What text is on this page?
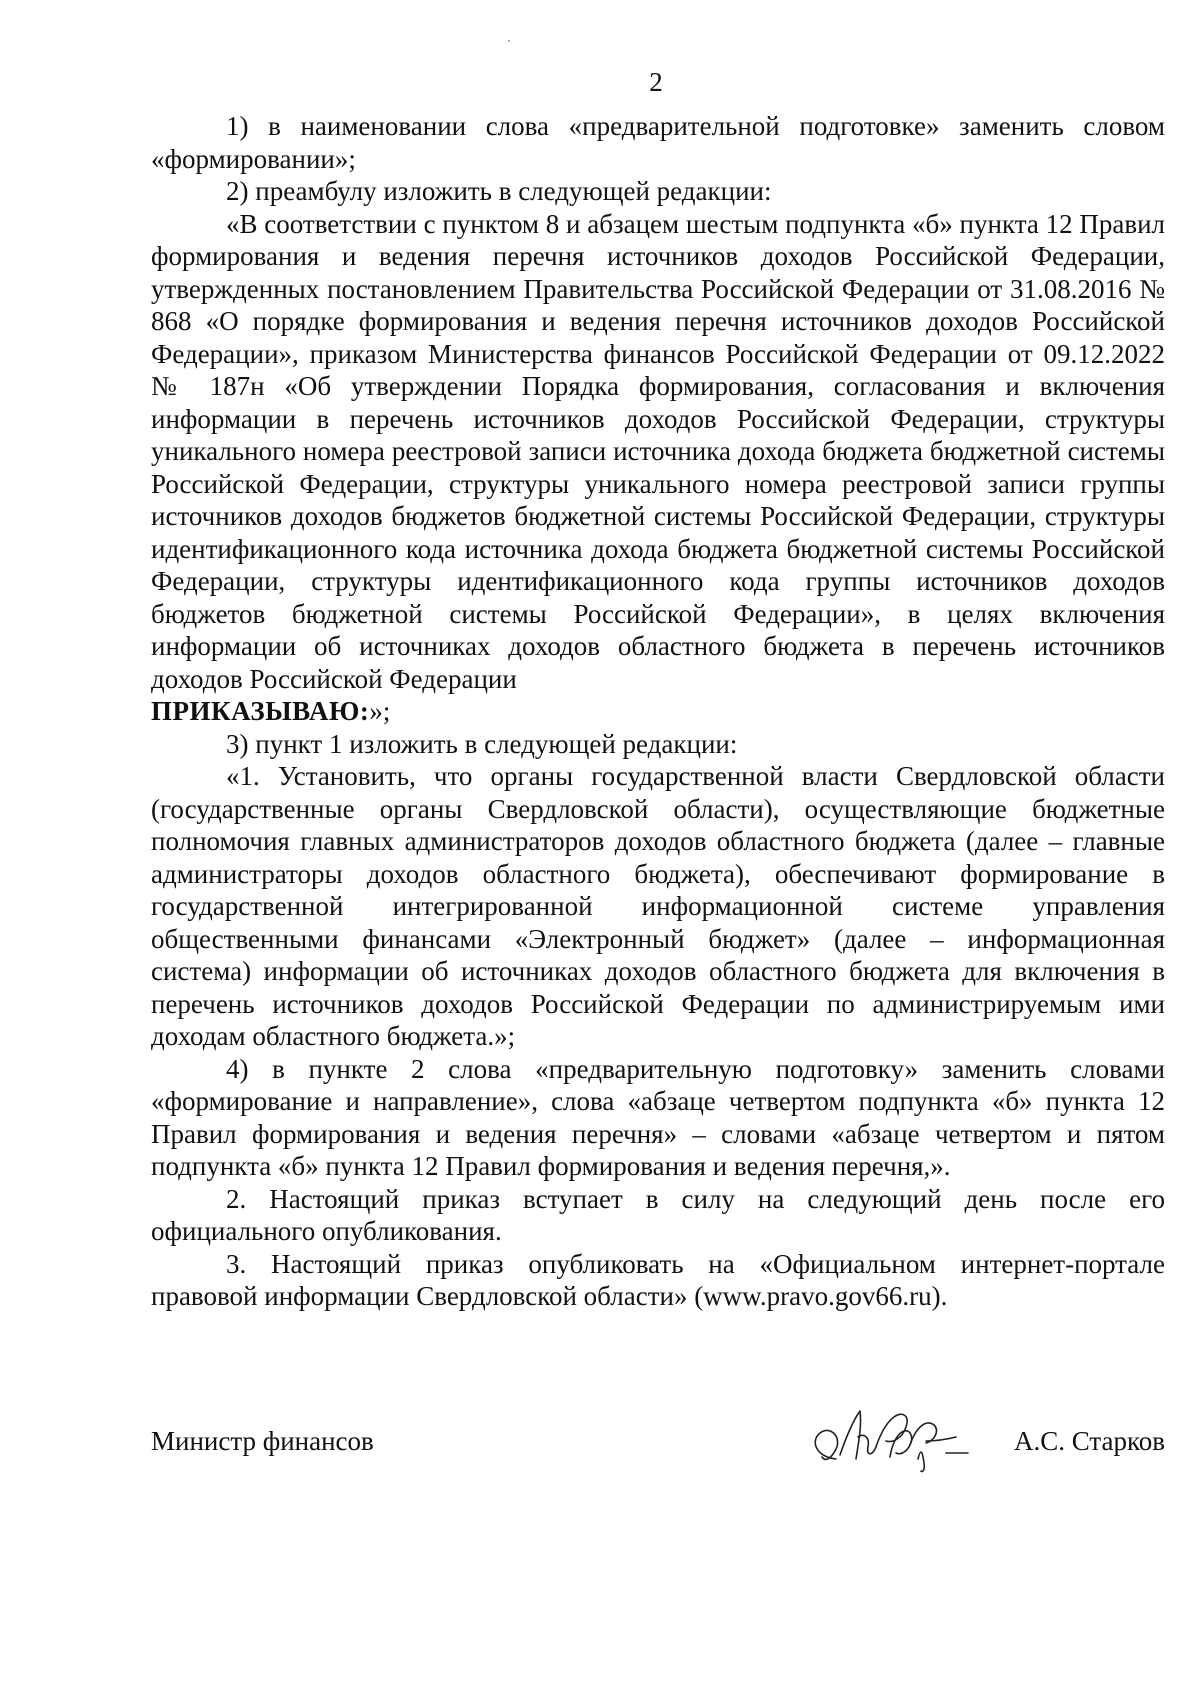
2

1) в наименовании слова «предварительной подготовке» заменить словом «формировании»;

2) преамбулу изложить в следующей редакции:

«В соответствии с пунктом 8 и абзацем шестым подпункта «б» пункта 12 Правил формирования и ведения перечня источников доходов Российской Федерации, утвержденных постановлением Правительства Российской Федерации от 31.08.2016 № 868 «О порядке формирования и ведения перечня источников доходов Российской Федерации», приказом Министерства финансов Российской Федерации от 09.12.2022 № 187н «Об утверждении Порядка формирования, согласования и включения информации в перечень источников доходов Российской Федерации, структуры уникального номера реестровой записи источника дохода бюджета бюджетной системы Российской Федерации, структуры уникального номера реестровой записи группы источников доходов бюджетов бюджетной системы Российской Федерации, структуры идентификационного кода источника дохода бюджета бюджетной системы Российской Федерации, структуры идентификационного кода группы источников доходов бюджетов бюджетной системы Российской Федерации», в целях включения информации об источниках доходов областного бюджета в перечень источников доходов Российской Федерации

ПРИКАЗЫВАЮ:»;

3) пункт 1 изложить в следующей редакции:

«1. Установить, что органы государственной власти Свердловской области (государственные органы Свердловской области), осуществляющие бюджетные полномочия главных администраторов доходов областного бюджета (далее – главные администраторы доходов областного бюджета), обеспечивают формирование в государственной интегрированной информационной системе управления общественными финансами «Электронный бюджет» (далее – информационная система) информации об источниках доходов областного бюджета для включения в перечень источников доходов Российской Федерации по администрируемым ими доходам областного бюджета.»;

4) в пункте 2 слова «предварительную подготовку» заменить словами «формирование и направление», слова «абзаце четвертом подпункта «б» пункта 12 Правил формирования и ведения перечня» – словами «абзаце четвертом и пятом подпункта «б» пункта 12 Правил формирования и ведения перечня,».

2. Настоящий приказ вступает в силу на следующий день после его официального опубликования.

3. Настоящий приказ опубликовать на «Официальном интернет-портале правовой информации Свердловской области» (www.pravo.gov66.ru).

Министр финансов	А.С. Старков
